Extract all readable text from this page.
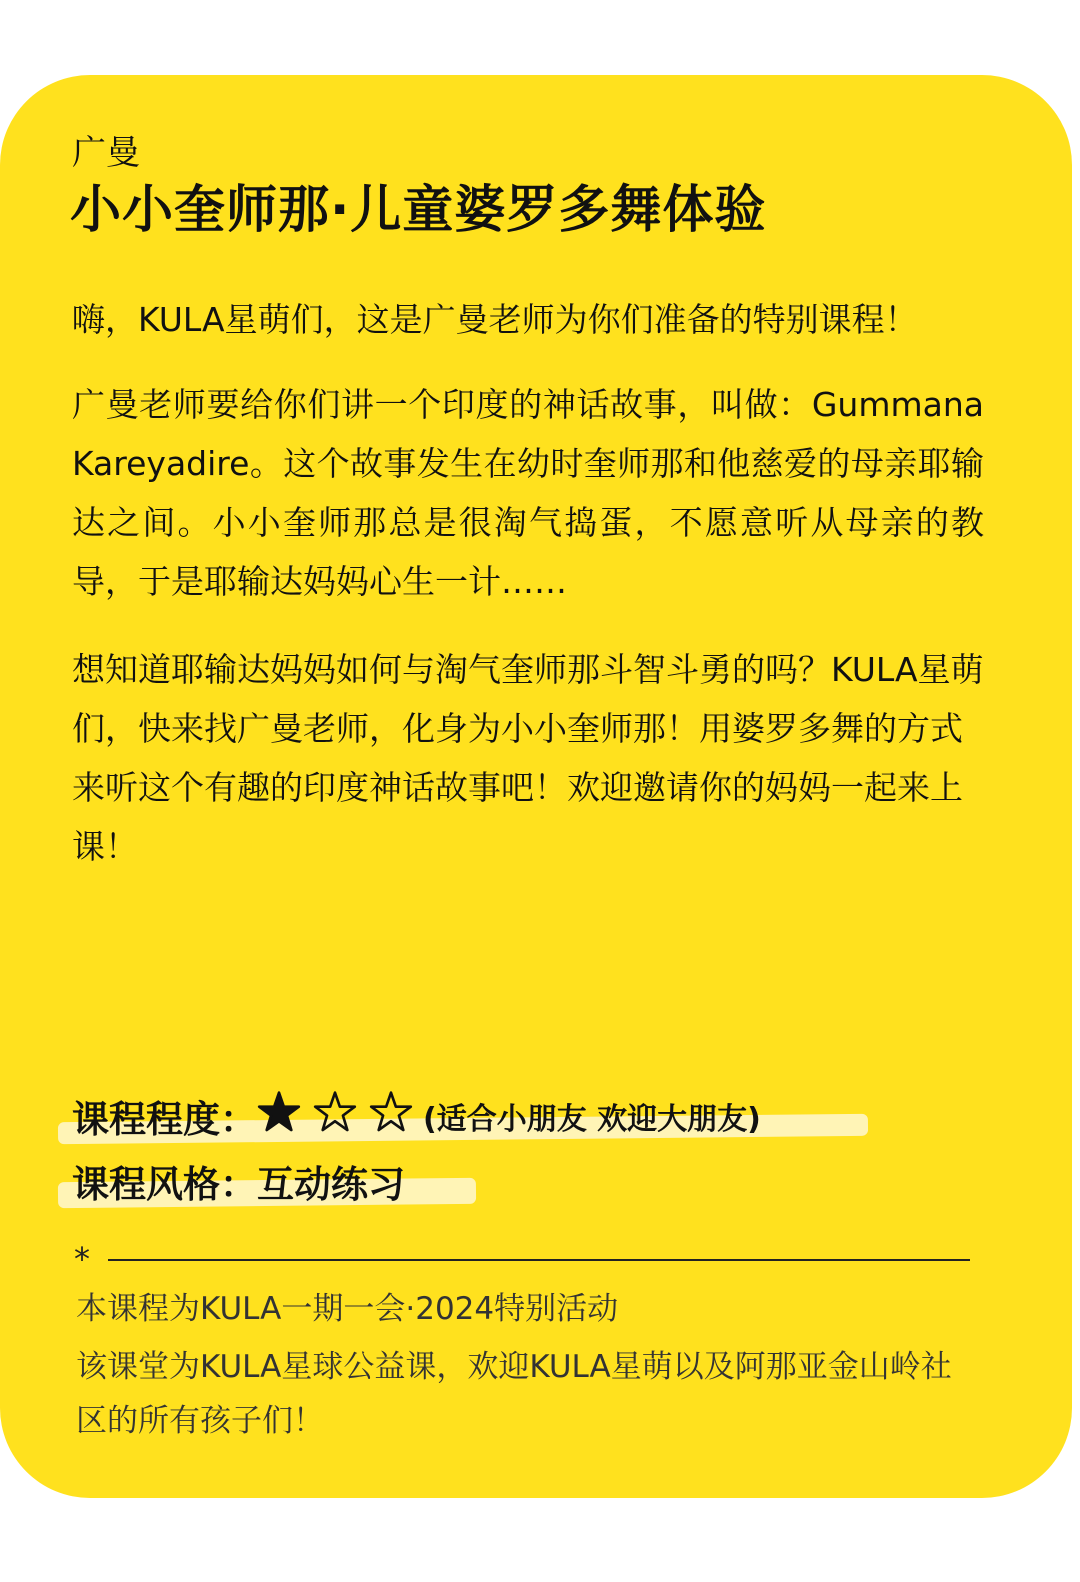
广曼
小小奎师那·儿童婆罗多舞体验

嗨，KULA星萌们，这是广曼老师为你们准备的特别课程！

广曼老师要给你们讲一个印度的神话故事，叫做：Gummana Kareyadire。这个故事发生在幼时奎师那和他慈爱的母亲耶输达之间。小小奎师那总是很淘气捣蛋，不愿意听从母亲的教导，于是耶输达妈妈心生一计……

想知道耶输达妈妈如何与淘气奎师那斗智斗勇的吗？KULA星萌们，快来找广曼老师，化身为小小奎师那！用婆罗多舞的方式来听这个有趣的印度神话故事吧！欢迎邀请你的妈妈一起来上课！

课程程度：	(适合小朋友 欢迎大朋友)
课程风格： 互动练习
*

本课程为KULA一期一会·2024特别活动

该课堂为KULA星球公益课，欢迎KULA星萌以及阿那亚金山岭社区的所有孩子们！
